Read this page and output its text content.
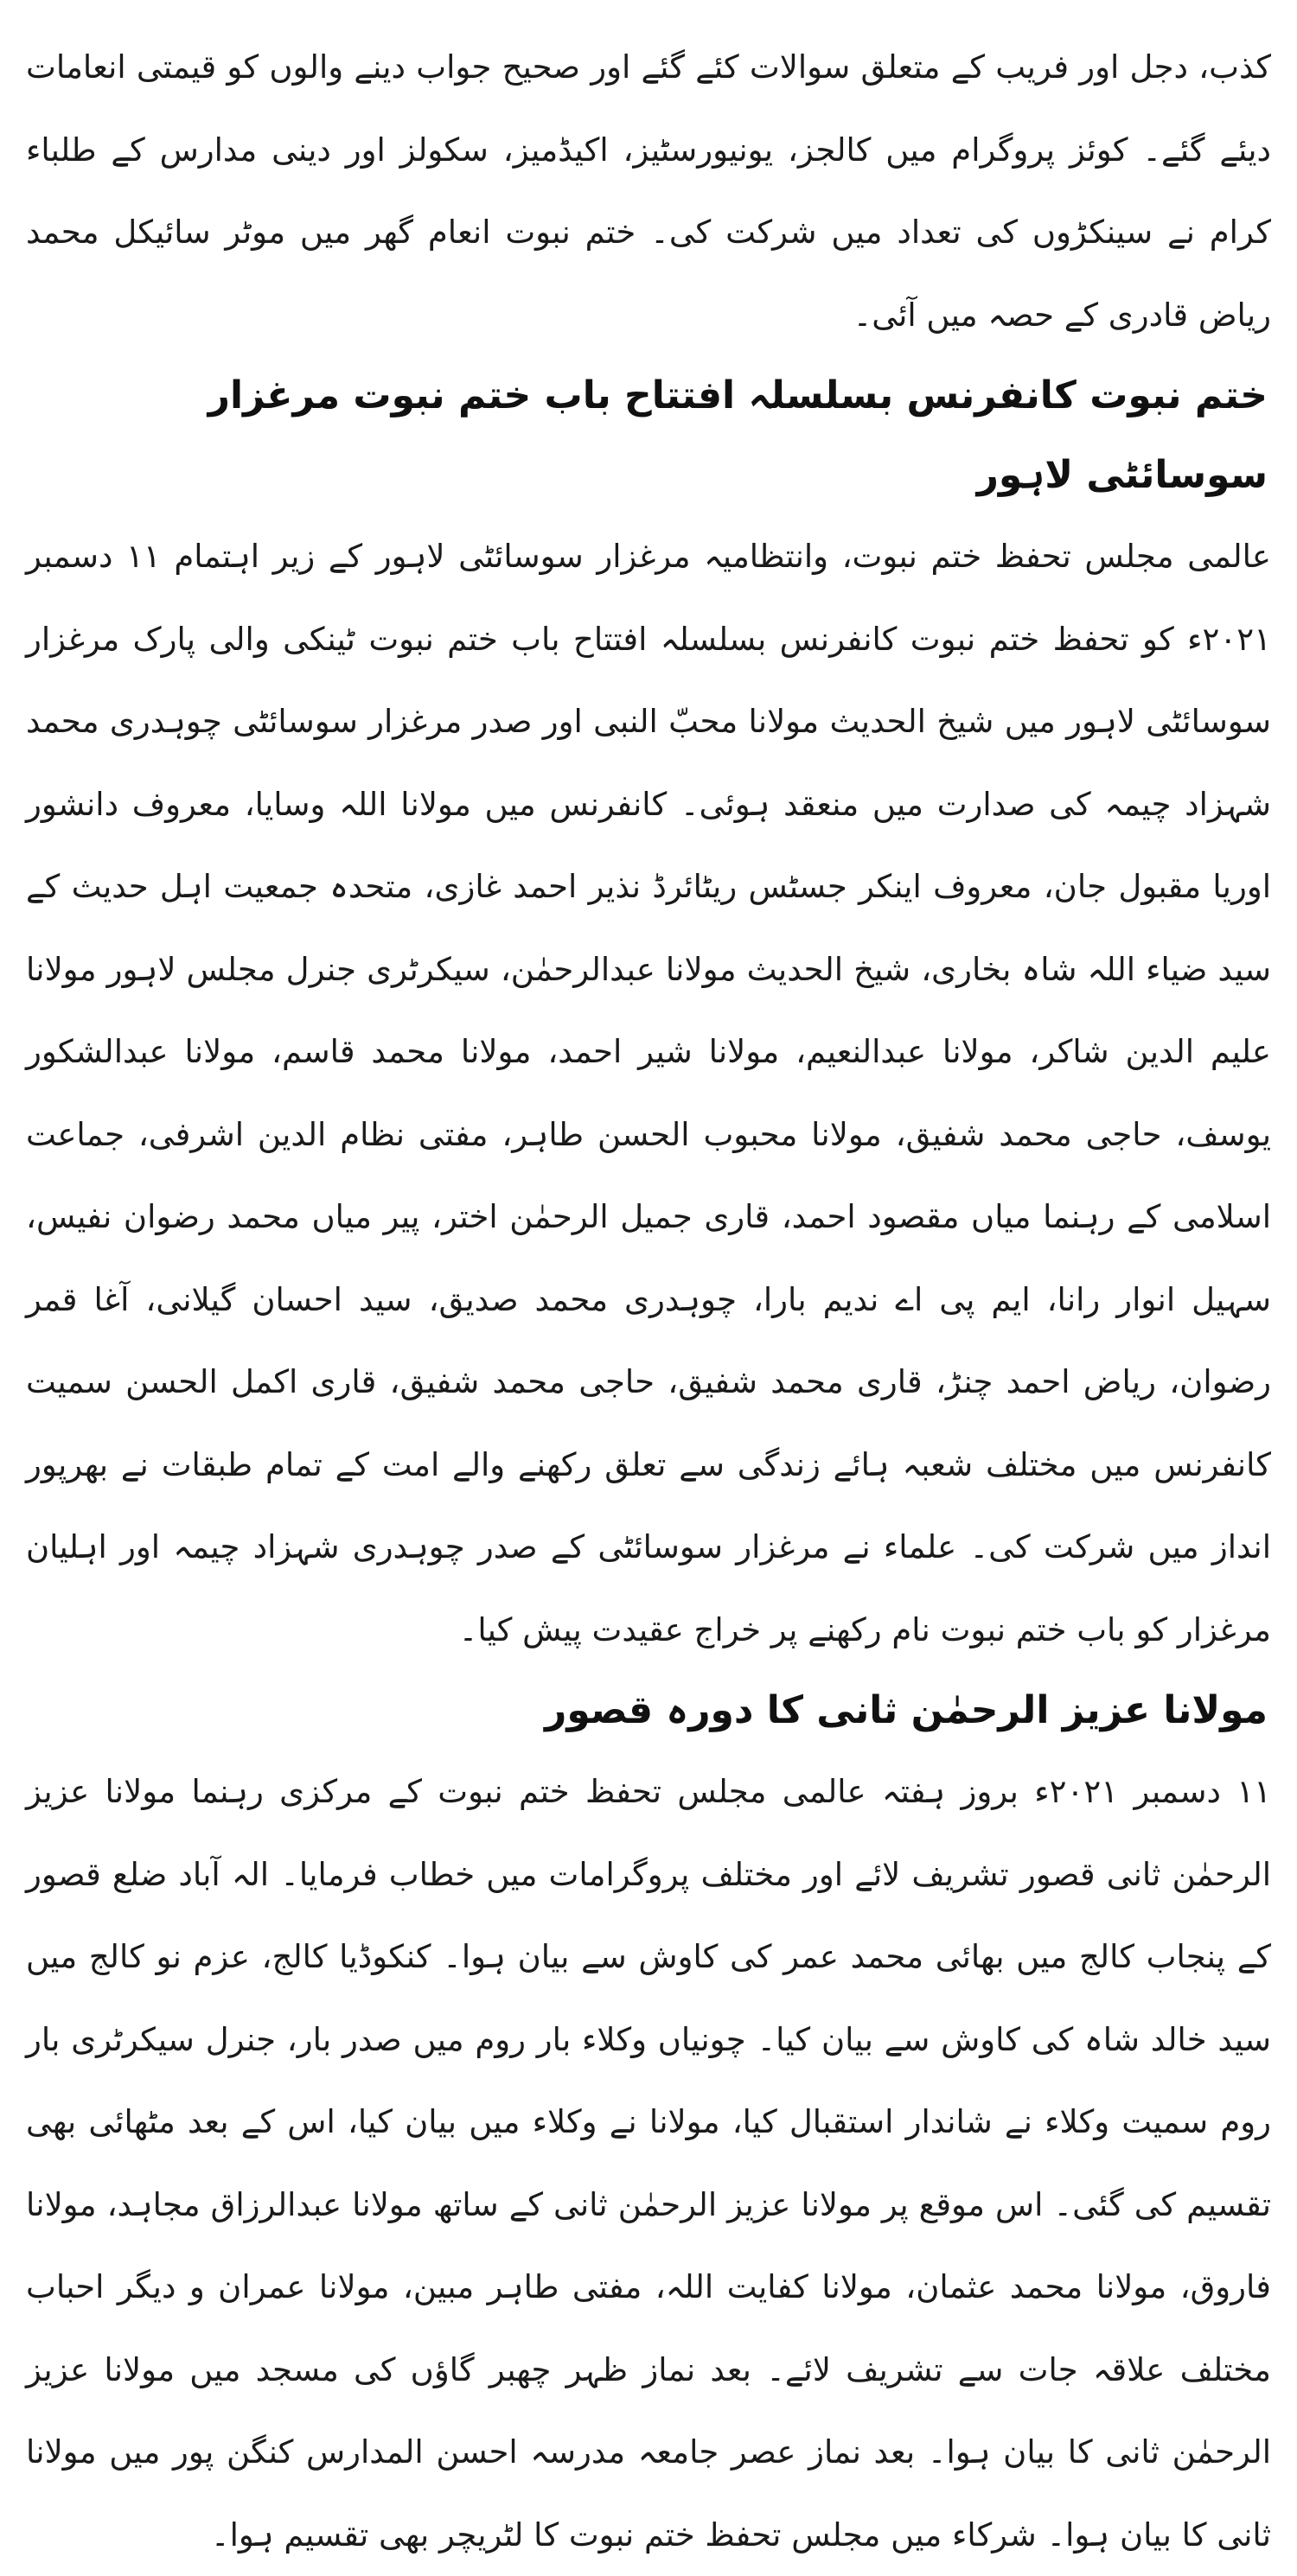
کذب، دجل اور فریب کے متعلق سوالات کئے گئے اور صحیح جواب دینے والوں کو قیمتی انعامات دیئے گئے۔ کوئز پروگرام میں کالجز، یونیورسٹیز، اکیڈمیز، سکولز اور دینی مدارس کے طلباء کرام نے سینکڑوں کی تعداد میں شرکت کی۔ ختم نبوت انعام گھر میں موٹر سائیکل محمد ریاض قادری کے حصہ میں آئی۔

ختم نبوت کانفرنس بسلسلہ افتتاح باب ختم نبوت مرغزار سوسائٹی لاہور

عالمی مجلس تحفظ ختم نبوت، وانتظامیہ مرغزار سوسائٹی لاہور کے زیر اہتمام ۱۱ دسمبر ۲۰۲۱ء کو تحفظ ختم نبوت کانفرنس بسلسلہ افتتاح باب ختم نبوت ٹینکی والی پارک مرغزار سوسائٹی لاہور میں شیخ الحدیث مولانا محبّ النبی اور صدر مرغزار سوسائٹی چوہدری محمد شہزاد چیمہ کی صدارت میں منعقد ہوئی۔ کانفرنس میں مولانا اللہ وسایا، معروف دانشور اوریا مقبول جان، معروف اینکر جسٹس ریٹائرڈ نذیر احمد غازی، متحدہ جمعیت اہل حدیث کے سید ضیاء اللہ شاہ بخاری، شیخ الحدیث مولانا عبدالرحمٰن، سیکرٹری جنرل مجلس لاہور مولانا علیم الدین شاکر، مولانا عبدالنعیم، مولانا شیر احمد، مولانا محمد قاسم، مولانا عبدالشکور یوسف، حاجی محمد شفیق، مولانا محبوب الحسن طاہر، مفتی نظام الدین اشرفی، جماعت اسلامی کے رہنما میاں مقصود احمد، قاری جمیل الرحمٰن اختر، پیر میاں محمد رضوان نفیس، سہیل انوار رانا، ایم پی اے ندیم بارا، چوہدری محمد صدیق، سید احسان گیلانی، آغا قمر رضوان، ریاض احمد چنڑ، قاری محمد شفیق، حاجی محمد شفیق، قاری اکمل الحسن سمیت کانفرنس میں مختلف شعبہ ہائے زندگی سے تعلق رکھنے والے امت کے تمام طبقات نے بھرپور انداز میں شرکت کی۔ علماء نے مرغزار سوسائٹی کے صدر چوہدری شہزاد چیمہ اور اہلیان مرغزار کو باب ختم نبوت نام رکھنے پر خراج عقیدت پیش کیا۔

مولانا عزیز الرحمٰن ثانی کا دورہ قصور

۱۱ دسمبر ۲۰۲۱ء بروز ہفتہ عالمی مجلس تحفظ ختم نبوت کے مرکزی رہنما مولانا عزیز الرحمٰن ثانی قصور تشریف لائے اور مختلف پروگرامات میں خطاب فرمایا۔ الہ آباد ضلع قصور کے پنجاب کالج میں بھائی محمد عمر کی کاوش سے بیان ہوا۔ کنکوڈیا کالج، عزم نو کالج میں سید خالد شاہ کی کاوش سے بیان کیا۔ چونیاں وکلاء بار روم میں صدر بار، جنرل سیکرٹری بار روم سمیت وکلاء نے شاندار استقبال کیا، مولانا نے وکلاء میں بیان کیا، اس کے بعد مٹھائی بھی تقسیم کی گئی۔ اس موقع پر مولانا عزیز الرحمٰن ثانی کے ساتھ مولانا عبدالرزاق مجاہد، مولانا فاروق، مولانا محمد عثمان، مولانا کفایت اللہ، مفتی طاہر مبین، مولانا عمران و دیگر احباب مختلف علاقہ جات سے تشریف لائے۔ بعد نماز ظہر چھبر گاؤں کی مسجد میں مولانا عزیز الرحمٰن ثانی کا بیان ہوا۔ بعد نماز عصر جامعہ مدرسہ احسن المدارس کنگن پور میں مولانا ثانی کا بیان ہوا۔ شرکاء میں مجلس تحفظ ختم نبوت کا لٹریچر بھی تقسیم ہوا۔
